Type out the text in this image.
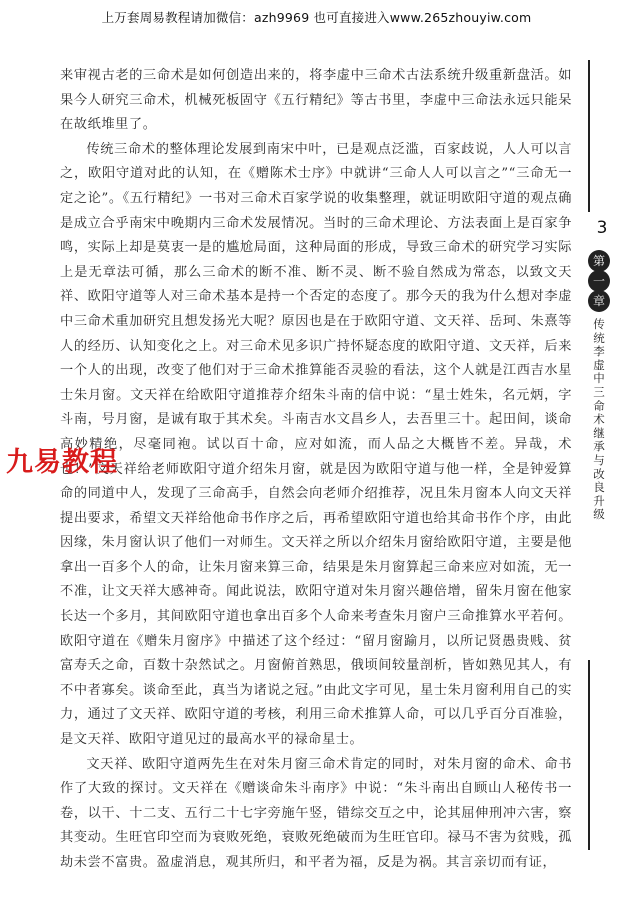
上万套周易教程请加微信：azh9969 也可直接进入www.265zhouyiw.com

来审视古老的三命术是如何创造出来的，将李虚中三命术古法系统升级重新盘活。如果今人研究三命术，机械死板固守《五行精纪》等古书里，李虚中三命法永远只能呆在故纸堆里了。

传统三命术的整体理论发展到南宋中叶，已是观点泛滥，百家歧说，人人可以言之，欧阳守道对此的认知，在《赠陈术士序》中就讲“三命人人可以言之”“三命无一定之论”。《五行精纪》一书对三命术百家学说的收集整理，就证明欧阳守道的观点确是成立合乎南宋中晚期内三命术发展情况。当时的三命术理论、方法表面上是百家争鸣，实际上却是莫衷一是的尴尬局面，这种局面的形成，导致三命术的研究学习实际上是无章法可循，那么三命术的断不准、断不灵、断不验自然成为常态，以致文天祥、欧阳守道等人对三命术基本是持一个否定的态度了。那今天的我为什么想对李虚中三命术重加研究且想发扬光大呢？原因也是在于欧阳守道、文天祥、岳珂、朱熹等人的经历、认知变化之上。对三命术见多识广持怀疑态度的欧阳守道、文天祥，后来一个人的出现，改变了他们对于三命术推算能否灵验的看法，这个人就是江西吉水星士朱月窗。文天祥在给欧阳守道推荐介绍朱斗南的信中说：“星士姓朱，名元炳，字斗南，号月窗，是诚有取于其术矣。斗南吉水文昌乡人，去吾里三十。起田间，谈命高妙精绝，尽毫同袍。试以百十命，应对如流，而人品之大概皆不差。异哉，术也！”文天祥给老师欧阳守道介绍朱月窗，就是因为欧阳守道与他一样，全是钟爱算命的同道中人，发现了三命高手，自然会向老师介绍推荐，况且朱月窗本人向文天祥提出要求，希望文天祥给他命书作序之后，再希望欧阳守道也给其命书作个序，由此因缘，朱月窗认识了他们一对师生。文天祥之所以介绍朱月窗给欧阳守道，主要是他拿出一百多个人的命，让朱月窗来算三命，结果是朱月窗算起三命来应对如流，无一不准，让文天祥大感神奇。闻此说法，欧阳守道对朱月窗兴趣倍增，留朱月窗在他家长达一个多月，其间欧阳守道也拿出百多个人命来考查朱月窗户三命推算水平若何。欧阳守道在《赠朱月窗序》中描述了这个经过：“留月窗踰月，以所记贤愚贵贱、贫富寿夭之命，百数十杂然试之。月窗俯首熟思，俄顷间较量剖析，皆如熟见其人，有不中者寡矣。谈命至此，真当为诸说之冠。”由此文字可见，星士朱月窗利用自己的实力，通过了文天祥、欧阳守道的考核，利用三命术推算人命，可以几乎百分百准验，是文天祥、欧阳守道见过的最高水平的禄命星士。

文天祥、欧阳守道两先生在对朱月窗三命术肯定的同时，对朱月窗的命术、命书作了大致的探讨。文天祥在《赠谈命朱斗南序》中说：“朱斗南出自顾山人秘传书一卷，以干、十二支、五行二十七字旁施午竖，错综交互之中，论其屈伸刑冲六害，察其变动。生旺官印空而为衰败死绝，衰败死绝破而为生旺官印。禄马不害为贫贱，孤劫未尝不富贵。盈虚消息，观其所归，和平者为福，反是为祸。其言亲切而有证，

九易教程
3
第
一
章
传统李虚中三命术继承与改良升级
